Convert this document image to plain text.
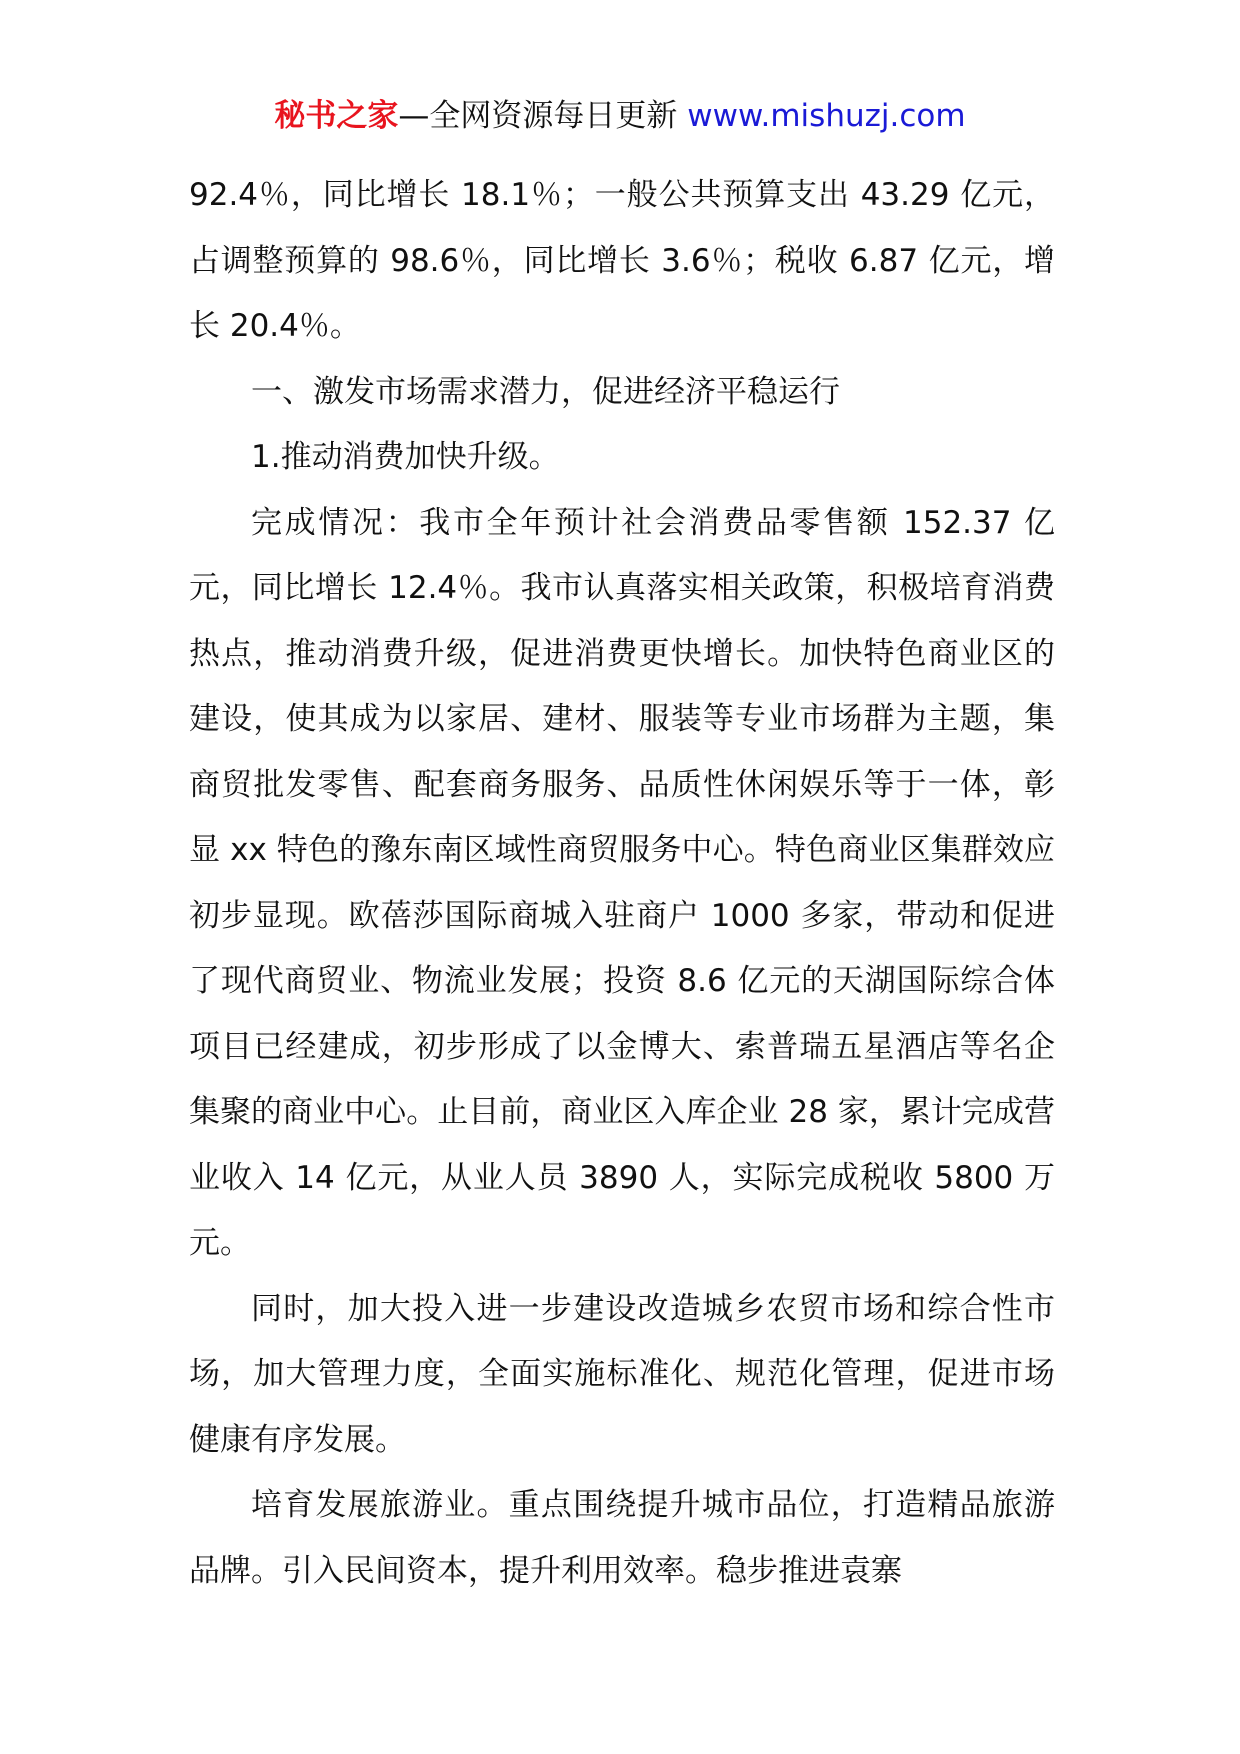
秘书之家—全网资源每日更新 www.mishuzj.com

92.4％，同比增长 18.1％；一般公共预算支出 43.29 亿元，占调整预算的 98.6％，同比增长 3.6％；税收 6.87 亿元，增长 20.4％。

一、激发市场需求潜力，促进经济平稳运行

1.推动消费加快升级。

完成情况：我市全年预计社会消费品零售额 152.37 亿元，同比增长 12.4％。我市认真落实相关政策，积极培育消费热点，推动消费升级，促进消费更快增长。加快特色商业区的建设，使其成为以家居、建材、服装等专业市场群为主题，集商贸批发零售、配套商务服务、品质性休闲娱乐等于一体，彰显 xx 特色的豫东南区域性商贸服务中心。特色商业区集群效应初步显现。欧蓓莎国际商城入驻商户 1000 多家，带动和促进了现代商贸业、物流业发展；投资 8.6 亿元的天湖国际综合体项目已经建成，初步形成了以金博大、索普瑞五星酒店等名企集聚的商业中心。止目前，商业区入库企业 28 家，累计完成营业收入 14 亿元，从业人员 3890 人，实际完成税收 5800 万元。

同时，加大投入进一步建设改造城乡农贸市场和综合性市场，加大管理力度，全面实施标准化、规范化管理，促进市场健康有序发展。

培育发展旅游业。重点围绕提升城市品位，打造精品旅游品牌。引入民间资本，提升利用效率。稳步推进袁寨
